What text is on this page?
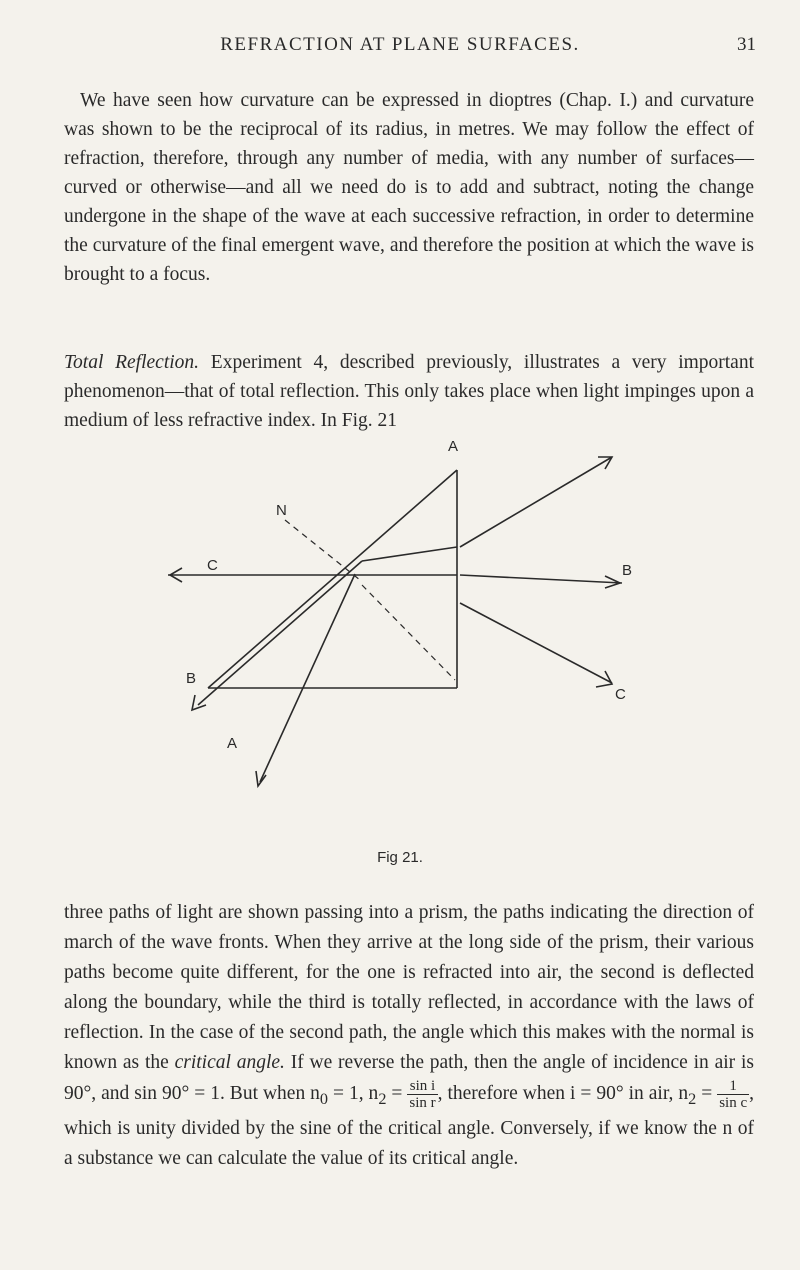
REFRACTION AT PLANE SURFACES.	31

We have seen how curvature can be expressed in dioptres (Chap. I.) and curvature was shown to be the reciprocal of its radius, in metres. We may follow the effect of refraction, therefore, through any number of media, with any number of surfaces—curved or otherwise—and all we need do is to add and subtract, noting the change undergone in the shape of the wave at each successive refraction, in order to determine the curvature of the final emergent wave, and therefore the position at which the wave is brought to a focus.

Total Reflection. Experiment 4, described previously, illustrates a very important phenomenon—that of total reflection. This only takes place when light impinges upon a medium of less refractive index. In Fig. 21

N
A
C	B
B
A
C
Fig 21.

three paths of light are shown passing into a prism, the paths indicating the direction of march of the wave fronts. When they arrive at the long side of the prism, their various paths become quite different, for the one is refracted into air, the second is deflected along the boundary, while the third is totally reflected, in accordance with the laws of reflection. In the case of the second path, the angle which this makes with the normal is known as the critical angle. If we reverse the path, then the angle of incidence in air is 90°, and sin 90° = 1. But when $n_0 = 1$, $n_2 = \frac{\text{sin i}}{\text{sin r}}$ , therefore when i = 90° in air, $n_2 = \frac{1}{\text{sin c}}$ , which is unity divided by the sine of the critical angle. Conversely, if we know the n of a substance we can calculate the value of its critical angle.
